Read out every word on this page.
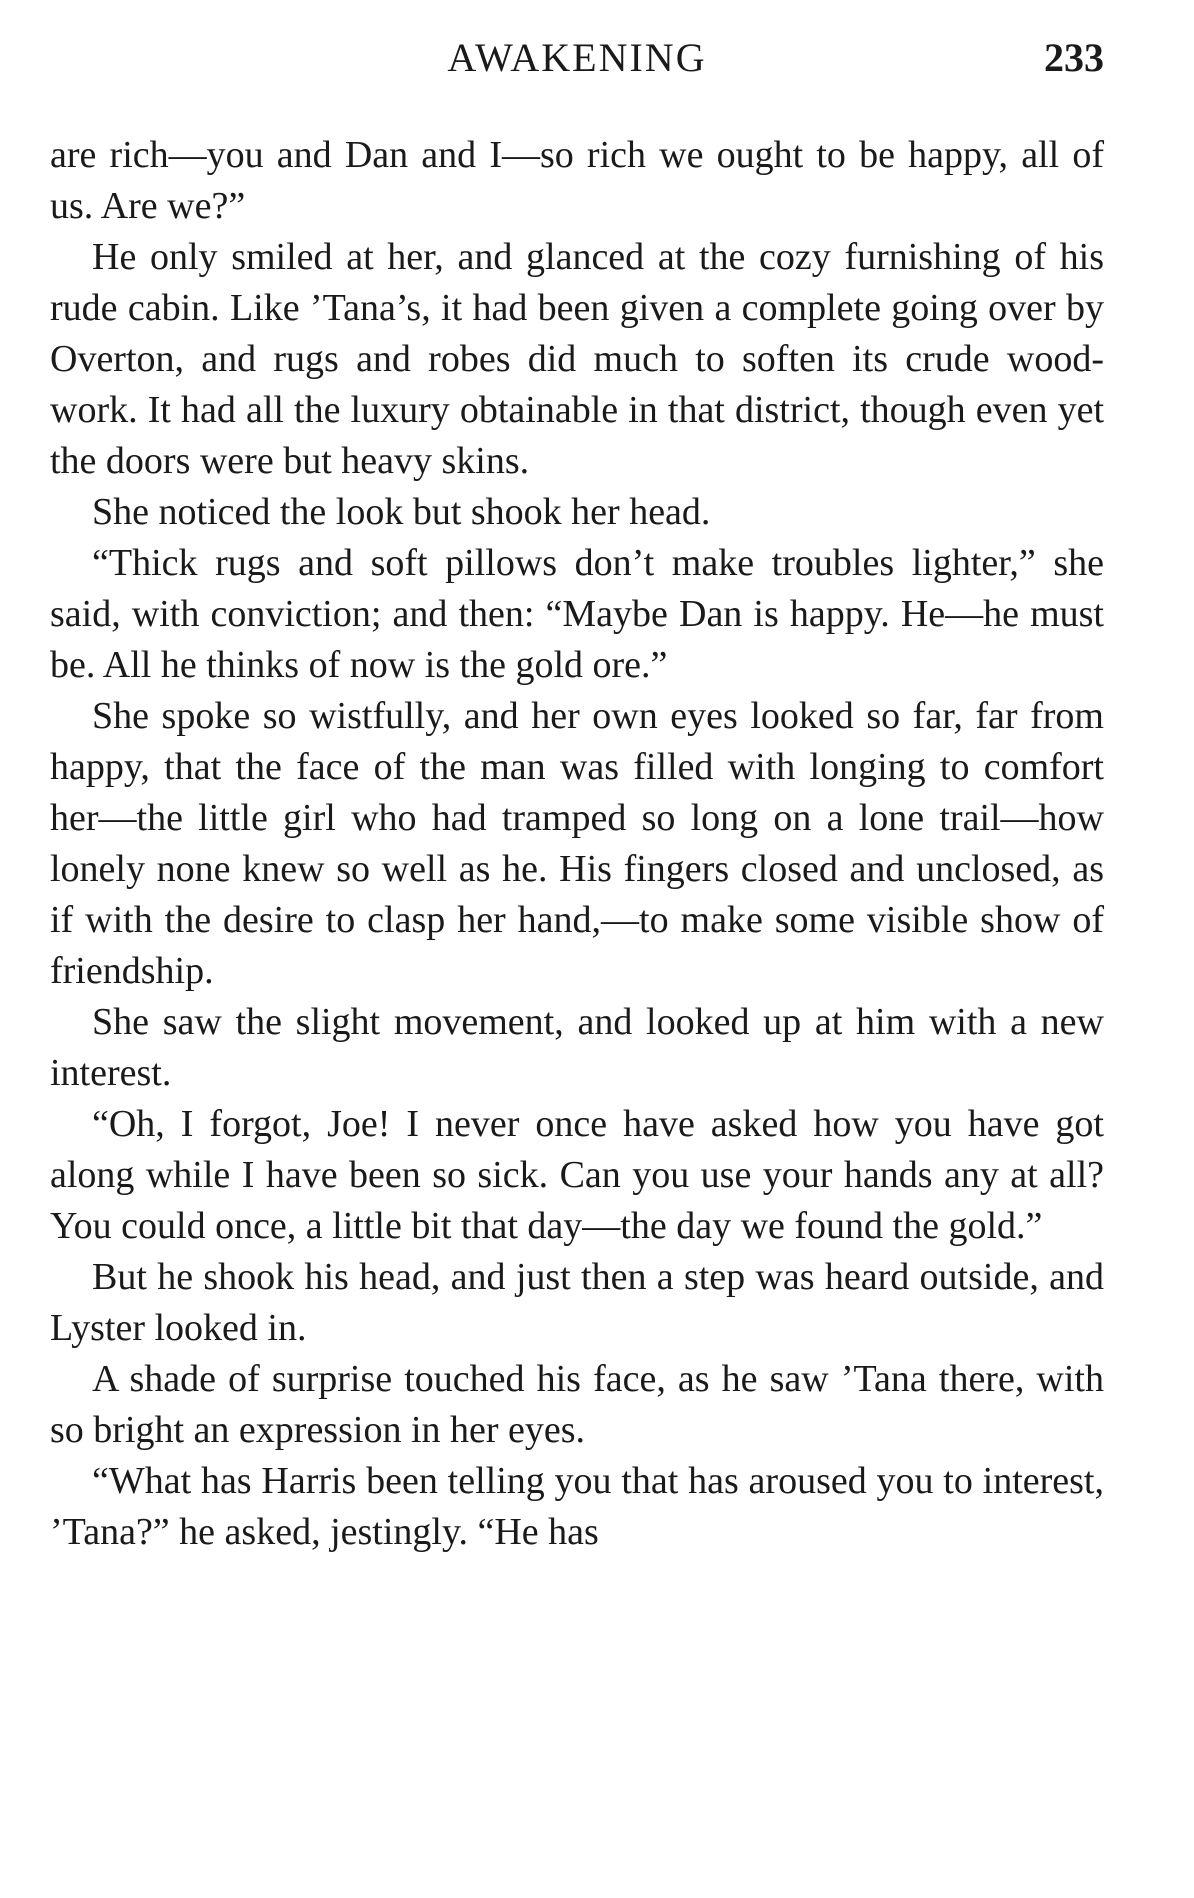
AWAKENING	233

are rich—you and Dan and I—so rich we ought to be happy, all of us. Are we?”

He only smiled at her, and glanced at the cozy furnishing of his rude cabin. Like ’Tana’s, it had been given a complete going over by Overton, and rugs and robes did much to soften its crude wood-work. It had all the luxury obtainable in that district, though even yet the doors were but heavy skins.

She noticed the look but shook her head.

“Thick rugs and soft pillows don’t make troubles lighter,” she said, with conviction; and then: “Maybe Dan is happy. He—he must be. All he thinks of now is the gold ore.”

She spoke so wistfully, and her own eyes looked so far, far from happy, that the face of the man was filled with longing to comfort her—the little girl who had tramped so long on a lone trail—how lonely none knew so well as he. His fingers closed and unclosed, as if with the desire to clasp her hand,—to make some visible show of friendship.

She saw the slight movement, and looked up at him with a new interest.

“Oh, I forgot, Joe! I never once have asked how you have got along while I have been so sick. Can you use your hands any at all? You could once, a little bit that day—the day we found the gold.”

But he shook his head, and just then a step was heard outside, and Lyster looked in.

A shade of surprise touched his face, as he saw ’Tana there, with so bright an expression in her eyes.

“What has Harris been telling you that has aroused you to interest, ’Tana?” he asked, jestingly. “He has
